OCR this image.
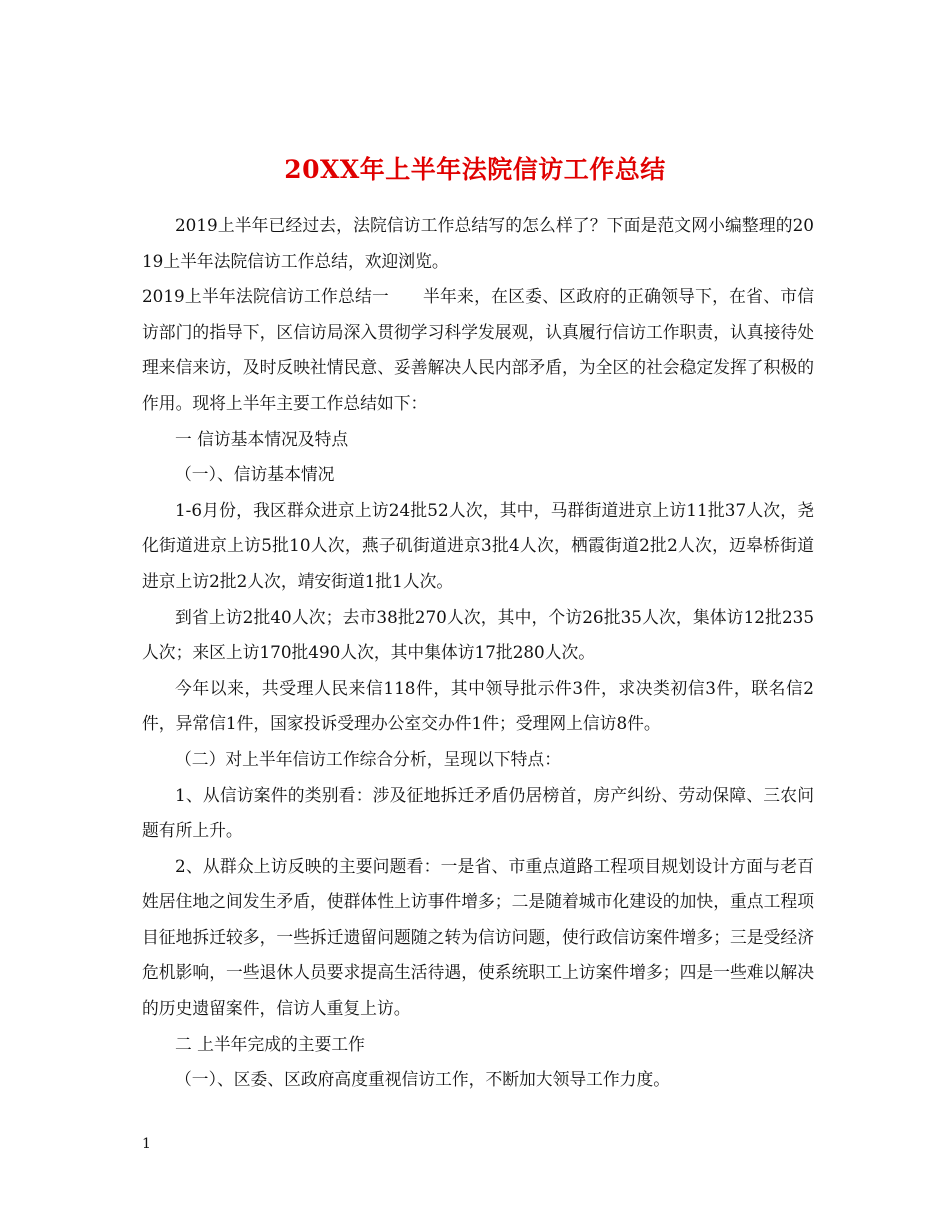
20XX年上半年法院信访工作总结

2019上半年已经过去，法院信访工作总结写的怎么样了？下面是范文网小编整理的2019上半年法院信访工作总结，欢迎浏览。

2019上半年法院信访工作总结一　　半年来，在区委、区政府的正确领导下，在省、市信访部门的指导下，区信访局深入贯彻学习科学发展观，认真履行信访工作职责，认真接待处理来信来访，及时反映社情民意、妥善解决人民内部矛盾，为全区的社会稳定发挥了积极的作用。现将上半年主要工作总结如下：

一 信访基本情况及特点

（一）、信访基本情况

1-6月份，我区群众进京上访24批52人次，其中，马群街道进京上访11批37人次，尧化街道进京上访5批10人次，燕子矶街道进京3批4人次，栖霞街道2批2人次，迈皋桥街道进京上访2批2人次，靖安街道1批1人次。

到省上访2批40人次；去市38批270人次，其中，个访26批35人次，集体访12批235人次；来区上访170批490人次，其中集体访17批280人次。

今年以来，共受理人民来信118件，其中领导批示件3件，求决类初信3件，联名信2件，异常信1件，国家投诉受理办公室交办件1件；受理网上信访8件。

（二）对上半年信访工作综合分析，呈现以下特点：

1、从信访案件的类别看：涉及征地拆迁矛盾仍居榜首，房产纠纷、劳动保障、三农问题有所上升。

2、从群众上访反映的主要问题看：一是省、市重点道路工程项目规划设计方面与老百姓居住地之间发生矛盾，使群体性上访事件增多；二是随着城市化建设的加快，重点工程项目征地拆迁较多，一些拆迁遗留问题随之转为信访问题，使行政信访案件增多；三是受经济危机影响，一些退休人员要求提高生活待遇，使系统职工上访案件增多；四是一些难以解决的历史遗留案件，信访人重复上访。

二 上半年完成的主要工作

（一）、区委、区政府高度重视信访工作，不断加大领导工作力度。

1
